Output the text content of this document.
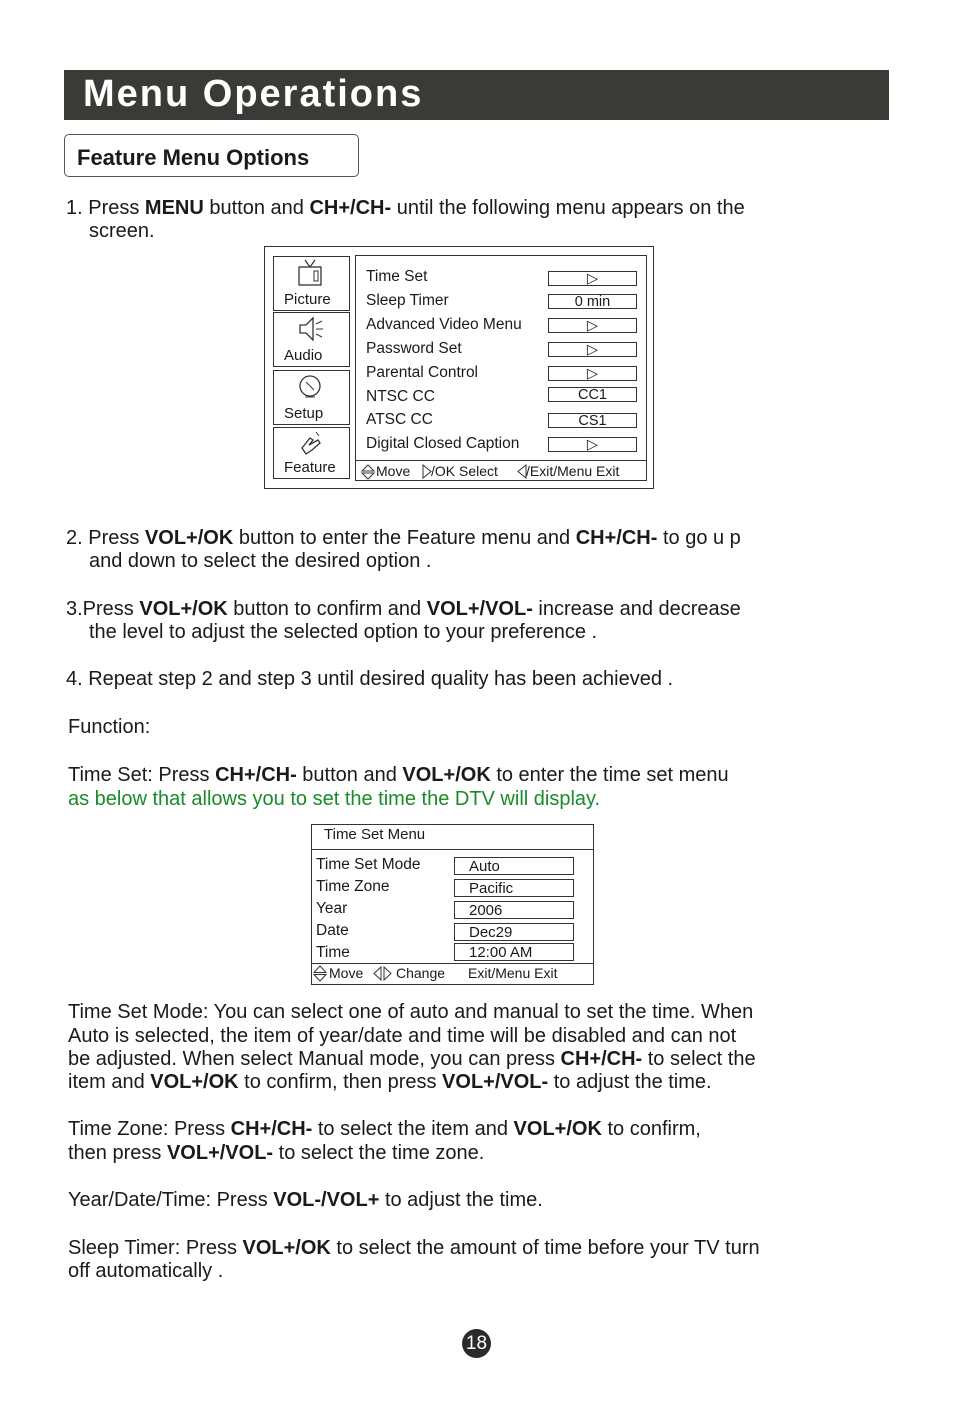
Menu Operations
Feature Menu Options
1. Press MENU button and CH+/CH- until the following menu appears on the
screen.
Picture
Audio
Setup
Feature
Time Set	▷
Sleep Timer	0 min
Advanced Video Menu	▷
Password Set	▷
Parental Control	▷
NTSC CC	CC1
ATSC CC	CS1
Digital Closed Caption	▷
Move /OK Select /Exit/Menu Exit
2. Press VOL+/OK button to enter the Feature menu and CH+/CH- to go u p
and down to select the desired option .
3.Press VOL+/OK button to confirm and VOL+/VOL- increase and decrease
the level to adjust the selected option to your preference .
4. Repeat step 2 and step 3 until desired quality has been achieved .
Function:
Time Set: Press CH+/CH- button and VOL+/OK to enter the time set menu
as below that allows you to set the time the DTV will display.
Time Set Menu
Time Set Mode	Auto
Time Zone	Pacific
Year	2006
Date	Dec29
Time	12:00 AM
Move Change Exit/Menu Exit
Time Set Mode: You can select one of auto and manual to set the time. When
Auto is selected, the item of year/date and time will be disabled and can not
be adjusted. When select Manual mode, you can press CH+/CH- to select the
item and VOL+/OK to confirm, then press VOL+/VOL- to adjust the time.
Time Zone: Press CH+/CH- to select the item and VOL+/OK to confirm,
then press VOL+/VOL- to select the time zone.
Year/Date/Time: Press VOL-/VOL+ to adjust the time.
Sleep Timer: Press VOL+/OK to select the amount of time before your TV turn
off automatically .
18
